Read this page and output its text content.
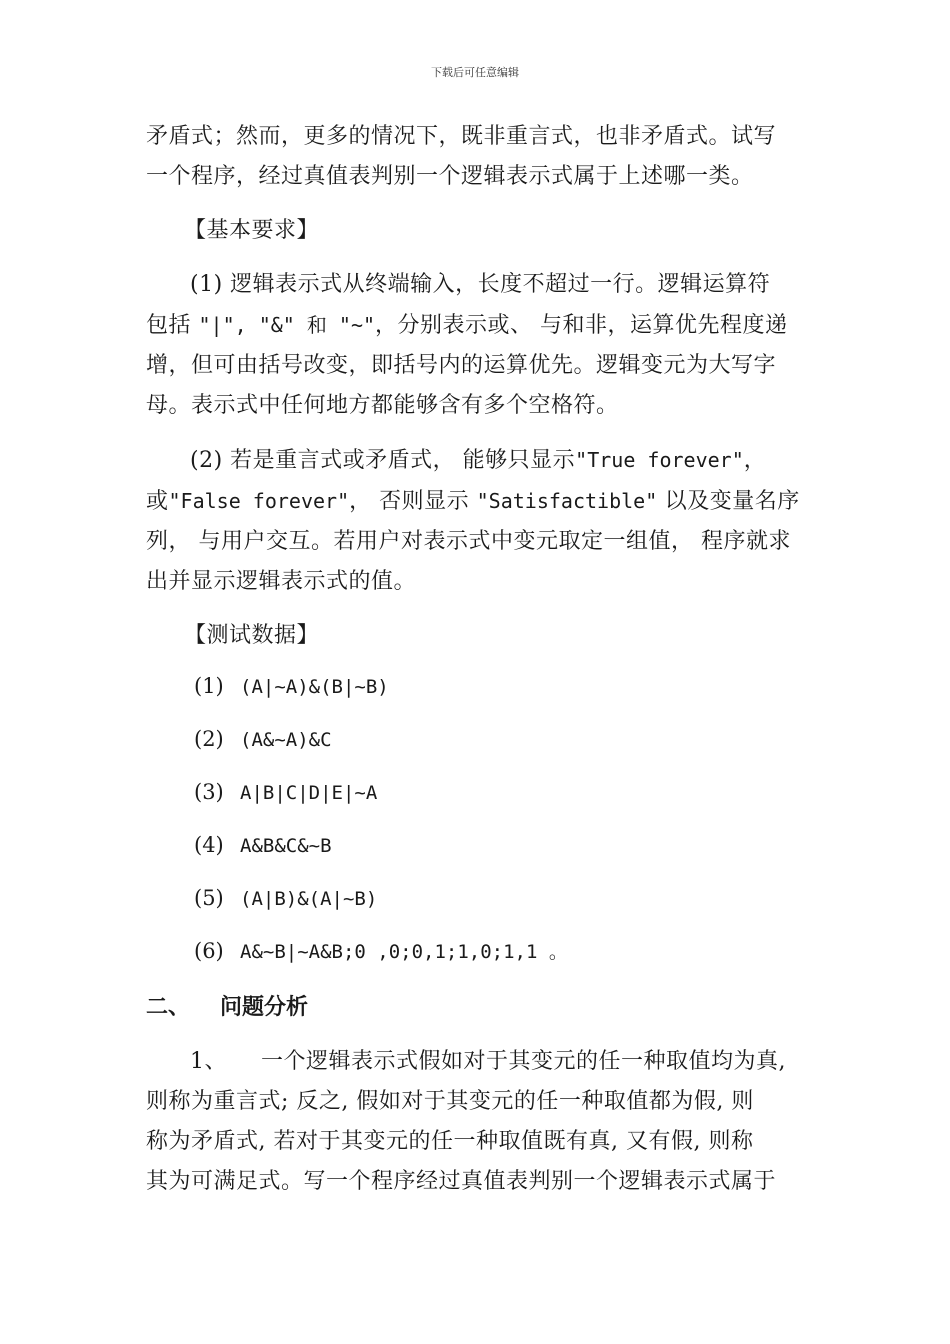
下载后可任意编辑

矛盾式；然而，更多的情况下，既非重言式，也非矛盾式。试写

一个程序，经过真值表判别一个逻辑表示式属于上述哪一类。

【基本要求】

(1) 逻辑表示式从终端输入，长度不超过一行。逻辑运算符

包括 "|", "&" 和 "~"，分别表示或、 与和非，运算优先程度递

增，但可由括号改变，即括号内的运算优先。逻辑变元为大写字

母。表示式中任何地方都能够含有多个空格符。

(2) 若是重言式或矛盾式， 能够只显示"True forever"，

或"False forever"， 否则显示 "Satisfactible" 以及变量名序

列， 与用户交互。若用户对表示式中变元取定一组值， 程序就求

出并显示逻辑表示式的值。

【测试数据】

(1) (A|~A)&(B|~B)

(2) (A&~A)&C

(3) A|B|C|D|E|~A

(4) A&B&C&~B

(5) (A|B)&(A|~B)

(6) A&~B|~A&B;0 ,0;0,1;1,0;1,1 。

二、 问题分析

1、 一个逻辑表示式假如对于其变元的任一种取值均为真,

则称为重言式; 反之, 假如对于其变元的任一种取值都为假, 则

称为矛盾式, 若对于其变元的任一种取值既有真, 又有假, 则称

其为可满足式。写一个程序经过真值表判别一个逻辑表示式属于
